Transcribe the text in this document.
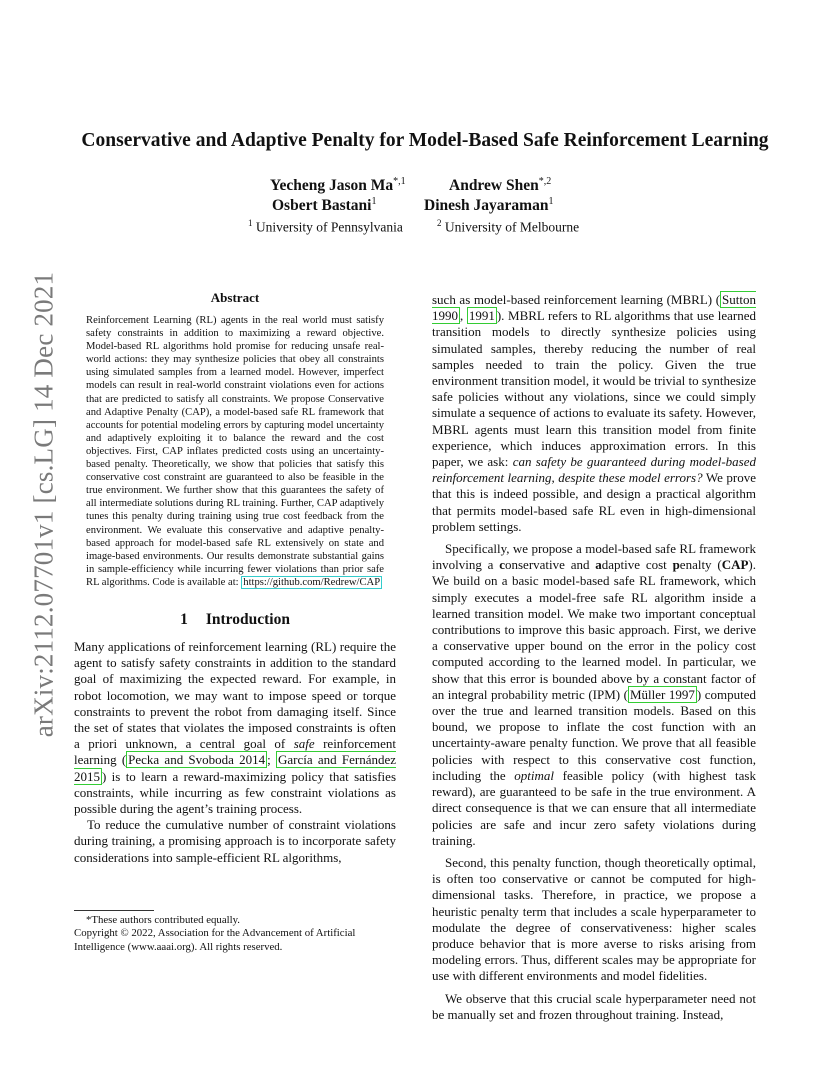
arXiv:2112.07701v1 [cs.LG] 14 Dec 2021
Conservative and Adaptive Penalty for Model-Based Safe Reinforcement Learning
Yecheng Jason $Ma^{*,1}$	Andrew Shen$^{*,2}$
Osbert Bastani$^1$	Dinesh Jayaraman$^1$
$^1$ University of Pennsylvania	$^2$ University of Melbourne
Abstract

Reinforcement Learning (RL) agents in the real world must satisfy safety constraints in addition to maximizing a reward objective. Model-based RL algorithms hold promise for reducing unsafe real-world actions: they may synthesize policies that obey all constraints using simulated samples from a learned model. However, imperfect models can result in real-world constraint violations even for actions that are predicted to satisfy all constraints. We propose Conservative and Adaptive Penalty (CAP), a model-based safe RL framework that accounts for potential modeling errors by capturing model uncertainty and adaptively exploiting it to balance the reward and the cost objectives. First, CAP inflates predicted costs using an uncertainty-based penalty. Theoretically, we show that policies that satisfy this conservative cost constraint are guaranteed to also be feasible in the true environment. We further show that this guarantees the safety of all intermediate solutions during RL training. Further, CAP adaptively tunes this penalty during training using true cost feedback from the environment. We evaluate this conservative and adaptive penalty-based approach for model-based safe RL extensively on state and image-based environments. Our results demonstrate substantial gains in sample-efficiency while incurring fewer violations than prior safe RL algorithms. Code is available at: https://github.com/Redrew/CAP

1 Introduction

Many applications of reinforcement learning (RL) require the agent to satisfy safety constraints in addition to the standard goal of maximizing the expected reward. For example, in robot locomotion, we may want to impose speed or torque constraints to prevent the robot from damaging itself. Since the set of states that violates the imposed constraints is often a priori unknown, a central goal of safe reinforcement learning ( Pecka and Svoboda 2014 ; García and Fernández 2015 ) is to learn a reward-maximizing policy that satisfies constraints, while incurring as few constraint violations as possible during the agent’s training process.

To reduce the cumulative number of constraint violations during training, a promising approach is to incorporate safety considerations into sample-efficient RL algorithms,

*These authors contributed equally.

Copyright © 2022, Association for the Advancement of Artificial Intelligence (www.aaai.org). All rights reserved.

such as model-based reinforcement learning (MBRL) ( Sutton 1990 , 1991 ). MBRL refers to RL algorithms that use learned transition models to directly synthesize policies using simulated samples, thereby reducing the number of real samples needed to train the policy. Given the true environment transition model, it would be trivial to synthesize safe policies without any violations, since we could simply simulate a sequence of actions to evaluate its safety. However, MBRL agents must learn this transition model from finite experience, which induces approximation errors. In this paper, we ask: can safety be guaranteed during model-based reinforcement learning, despite these model errors? We prove that this is indeed possible, and design a practical algorithm that permits model-based safe RL even in high-dimensional problem settings.

Specifically, we propose a model-based safe RL framework involving a conservative and adaptive cost penalty (CAP). We build on a basic model-based safe RL framework, which simply executes a model-free safe RL algorithm inside a learned transition model. We make two important conceptual contributions to improve this basic approach. First, we derive a conservative upper bound on the error in the policy cost computed according to the learned model. In particular, we show that this error is bounded above by a constant factor of an integral probability metric (IPM) ( Müller 1997 ) computed over the true and learned transition models. Based on this bound, we propose to inflate the cost function with an uncertainty-aware penalty function. We prove that all feasible policies with respect to this conservative cost function, including the optimal feasible policy (with highest task reward), are guaranteed to be safe in the true environment. A direct consequence is that we can ensure that all intermediate policies are safe and incur zero safety violations during training.

Second, this penalty function, though theoretically optimal, is often too conservative or cannot be computed for high-dimensional tasks. Therefore, in practice, we propose a heuristic penalty term that includes a scale hyperparameter to modulate the degree of conservativeness: higher scales produce behavior that is more averse to risks arising from modeling errors. Thus, different scales may be appropriate for use with different environments and model fidelities.

We observe that this crucial scale hyperparameter need not be manually set and frozen throughout training. Instead,
